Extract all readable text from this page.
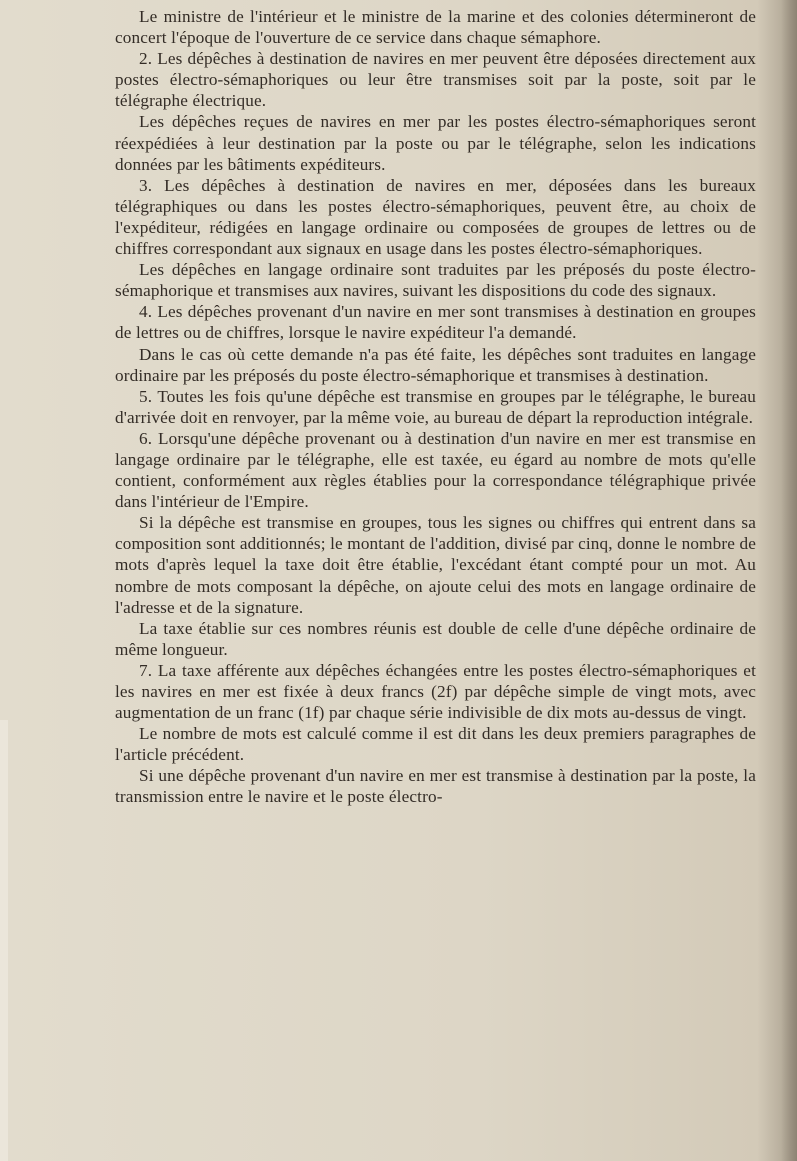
Le ministre de l'intérieur et le ministre de la marine et des colonies détermineront de concert l'époque de l'ouverture de ce service dans chaque sémaphore.

2. Les dépêches à destination de navires en mer peuvent être déposées directement aux postes électro-sémaphoriques ou leur être transmises soit par la poste, soit par le télégraphe électrique.

Les dépêches reçues de navires en mer par les postes électro-sémaphoriques seront réexpédiées à leur destination par la poste ou par le télégraphe, selon les indications données par les bâtiments expéditeurs.

3. Les dépêches à destination de navires en mer, déposées dans les bureaux télégraphiques ou dans les postes électro-sémaphoriques, peuvent être, au choix de l'expéditeur, rédigées en langage ordinaire ou composées de groupes de lettres ou de chiffres correspondant aux signaux en usage dans les postes électro-sémaphoriques.

Les dépêches en langage ordinaire sont traduites par les préposés du poste électro-sémaphorique et transmises aux navires, suivant les dispositions du code des signaux.

4. Les dépêches provenant d'un navire en mer sont transmises à destination en groupes de lettres ou de chiffres, lorsque le navire expéditeur l'a demandé.

Dans le cas où cette demande n'a pas été faite, les dépêches sont traduites en langage ordinaire par les préposés du poste électro-sémaphorique et transmises à destination.

5. Toutes les fois qu'une dépêche est transmise en groupes par le télégraphe, le bureau d'arrivée doit en renvoyer, par la même voie, au bureau de départ la reproduction intégrale.

6. Lorsqu'une dépêche provenant ou à destination d'un navire en mer est transmise en langage ordinaire par le télégraphe, elle est taxée, eu égard au nombre de mots qu'elle contient, conformément aux règles établies pour la correspondance télégraphique privée dans l'intérieur de l'Empire.

Si la dépêche est transmise en groupes, tous les signes ou chiffres qui entrent dans sa composition sont additionnés; le montant de l'addition, divisé par cinq, donne le nombre de mots d'après lequel la taxe doit être établie, l'excédant étant compté pour un mot. Au nombre de mots composant la dépêche, on ajoute celui des mots en langage ordinaire de l'adresse et de la signature.

La taxe établie sur ces nombres réunis est double de celle d'une dépêche ordinaire de même longueur.

7. La taxe afférente aux dépêches échangées entre les postes électro-sémaphoriques et les navires en mer est fixée à deux francs (2f) par dépêche simple de vingt mots, avec augmentation de un franc (1f) par chaque série indivisible de dix mots au-dessus de vingt.

Le nombre de mots est calculé comme il est dit dans les deux premiers paragraphes de l'article précédent.

Si une dépêche provenant d'un navire en mer est transmise à destination par la poste, la transmission entre le navire et le poste électro-
